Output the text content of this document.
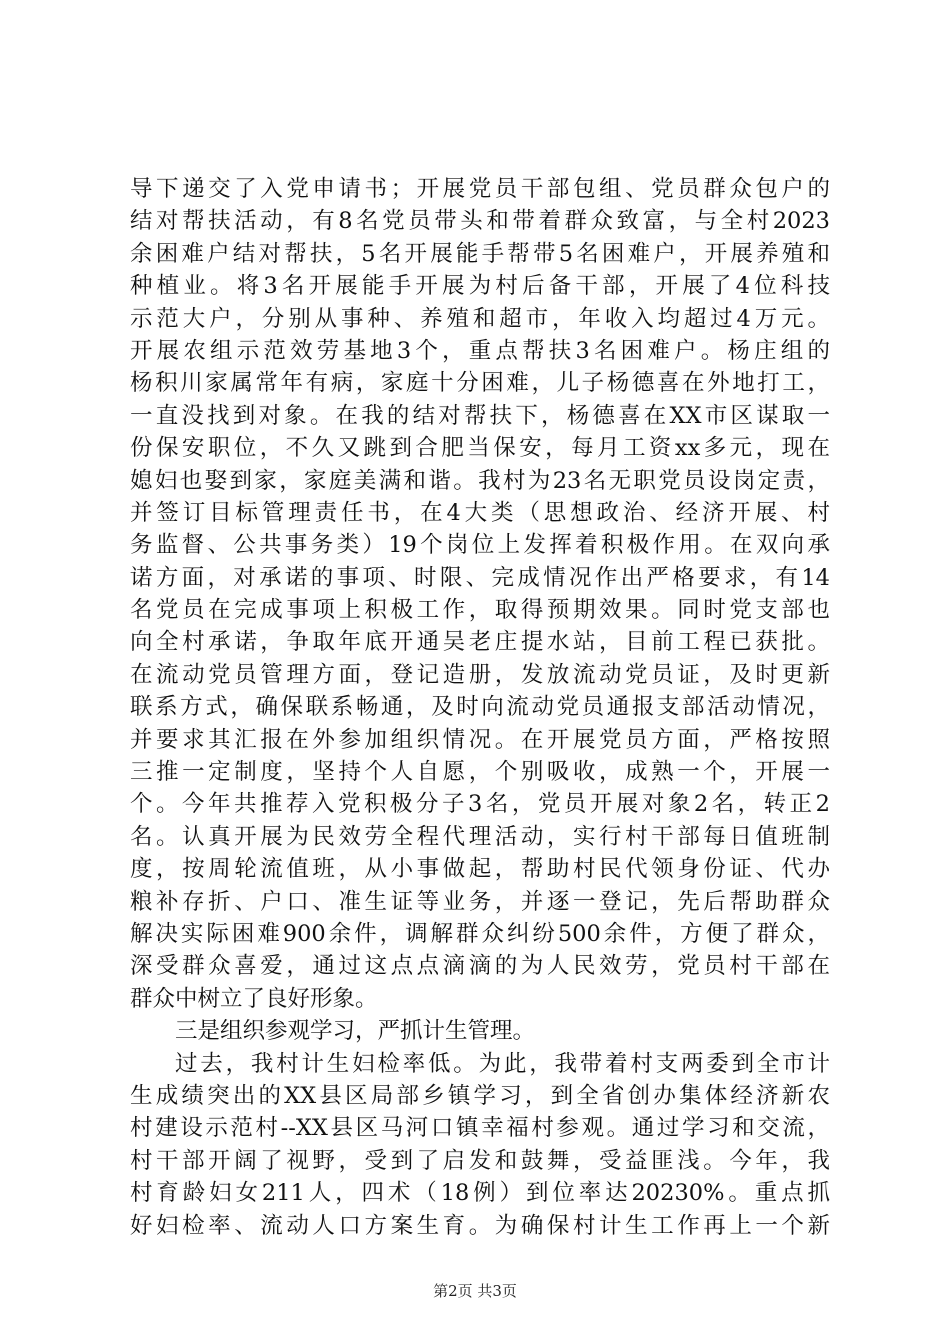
导下递交了入党申请书；开展党员干部包组、党员群众包户的
结对帮扶活动，有8名党员带头和带着群众致富，与全村2023
余困难户结对帮扶，5名开展能手帮带5名困难户，开展养殖和
种植业。将3名开展能手开展为村后备干部，开展了4位科技
示范大户，分别从事种、养殖和超市，年收入均超过4万元。
开展农组示范效劳基地3个，重点帮扶3名困难户。杨庄组的
杨积川家属常年有病，家庭十分困难，儿子杨德喜在外地打工，
一直没找到对象。在我的结对帮扶下，杨德喜在XX市区谋取一
份保安职位，不久又跳到合肥当保安，每月工资xx多元，现在
媳妇也娶到家，家庭美满和谐。我村为23名无职党员设岗定责，
并签订目标管理责任书，在4大类（思想政治、经济开展、村
务监督、公共事务类）19个岗位上发挥着积极作用。在双向承
诺方面，对承诺的事项、时限、完成情况作出严格要求，有14
名党员在完成事项上积极工作，取得预期效果。同时党支部也
向全村承诺，争取年底开通吴老庄提水站，目前工程已获批。
在流动党员管理方面，登记造册，发放流动党员证，及时更新
联系方式，确保联系畅通，及时向流动党员通报支部活动情况，
并要求其汇报在外参加组织情况。在开展党员方面，严格按照
三推一定制度，坚持个人自愿，个别吸收，成熟一个，开展一
个。今年共推荐入党积极分子3名，党员开展对象2名，转正2
名。认真开展为民效劳全程代理活动，实行村干部每日值班制
度，按周轮流值班，从小事做起，帮助村民代领身份证、代办
粮补存折、户口、准生证等业务，并逐一登记，先后帮助群众
解决实际困难900余件，调解群众纠纷500余件，方便了群众，
深受群众喜爱，通过这点点滴滴的为人民效劳，党员村干部在
群众中树立了良好形象。
三是组织参观学习，严抓计生管理。
过去，我村计生妇检率低。为此，我带着村支两委到全市计
生成绩突出的XX县区局部乡镇学习，到全省创办集体经济新农
村建设示范村--XX县区马河口镇幸福村参观。通过学习和交流，
村干部开阔了视野，受到了启发和鼓舞，受益匪浅。今年，我
村育龄妇女211人，四术（18例）到位率达20230%。重点抓
好妇检率、流动人口方案生育。为确保村计生工作再上一个新
第2页 共3页
